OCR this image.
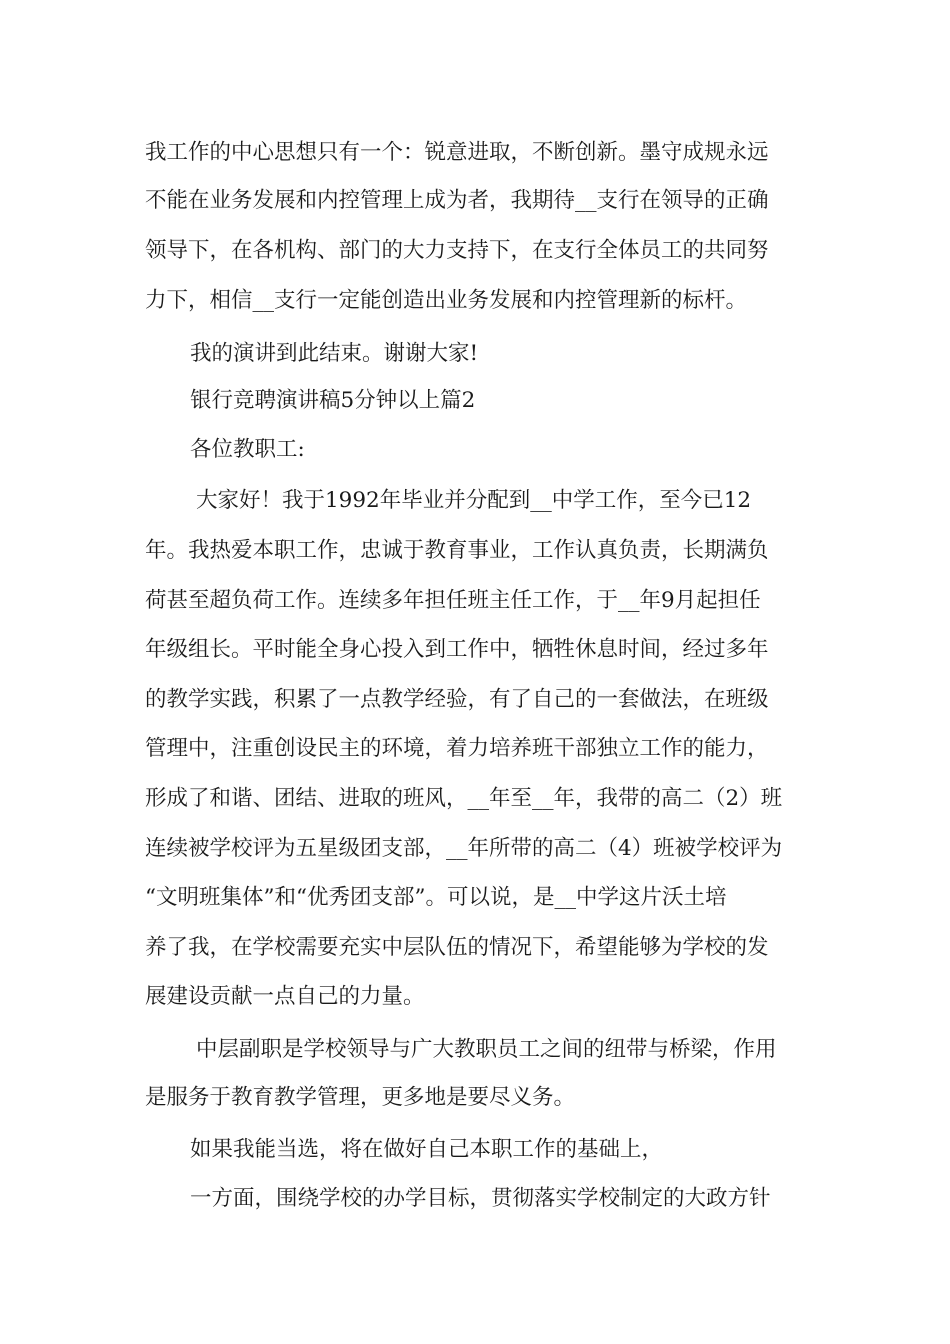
我工作的中心思想只有一个：锐意进取，不断创新。墨守成规永远
不能在业务发展和内控管理上成为者，我期待__支行在领导的正确
领导下，在各机构、部门的大力支持下，在支行全体员工的共同努
力下，相信__支行一定能创造出业务发展和内控管理新的标杆。
我的演讲到此结束。谢谢大家!
银行竞聘演讲稿5分钟以上篇2
各位教职工:
大家好！我于1992年毕业并分配到__中学工作，至今已12
年。我热爱本职工作，忠诚于教育事业，工作认真负责，长期满负
荷甚至超负荷工作。连续多年担任班主任工作，于__年9月起担任
年级组长。平时能全身心投入到工作中，牺牲休息时间，经过多年
的教学实践，积累了一点教学经验，有了自己的一套做法，在班级
管理中，注重创设民主的环境，着力培养班干部独立工作的能力，
形成了和谐、团结、进取的班风，__年至__年，我带的高二（2）班
连续被学校评为五星级团支部，__年所带的高二（4）班被学校评为
“文明班集体”和“优秀团支部”。可以说，是__中学这片沃土培
养了我，在学校需要充实中层队伍的情况下，希望能够为学校的发
展建设贡献一点自己的力量。
中层副职是学校领导与广大教职员工之间的纽带与桥梁，作用
是服务于教育教学管理，更多地是要尽义务。
如果我能当选，将在做好自己本职工作的基础上，
一方面，围绕学校的办学目标，贯彻落实学校制定的大政方针
